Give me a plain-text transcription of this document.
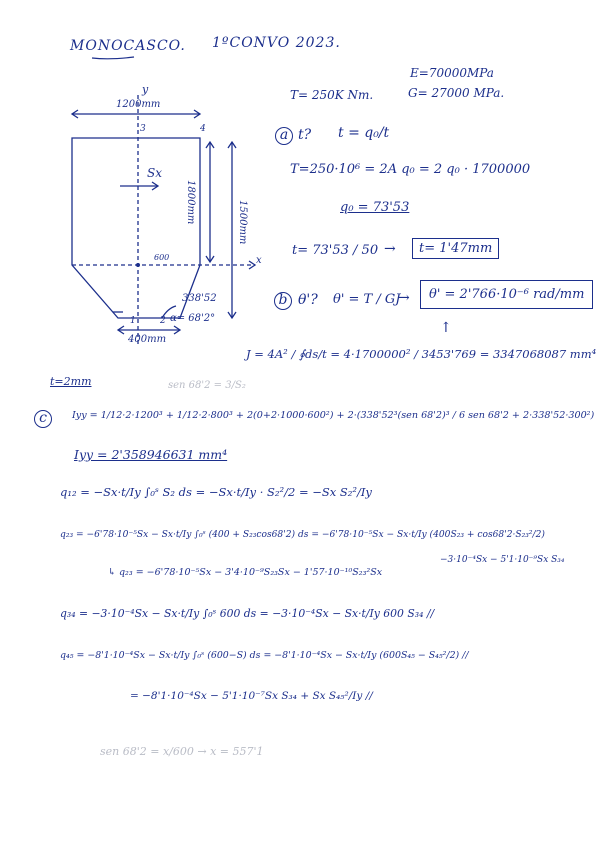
MONOCASCO. 1ºCONVO 2023.
T= 250K Nm.
E=70000MPa
G= 27000 MPa.
1200mm
y
x
1800mm	1500mm
Sx
1	2
3	4
600
338'52
α= 68'2°
400mm
t=2mm
a t? t = q₀/t
T=250·10⁶ = 2A q₀ = 2 q₀ · 1700000
q₀ = 73'53
t= 73'53 / 50 →	t= 1'47mm
b θ'? θ' = T / GJ
→	θ' = 2'766·10⁻⁶ rad/mm
↑
J = 4A² / ∮ds/t = 4·1700000² / 3453'769 = 3347068087 mm⁴
sen 68'2 = 3/S₂
c	Iyy = 1/12·2·1200³ + 1/12·2·800³ + 2(0+2·1000·600²) + 2·(338'52³(sen 68'2)³ / 6 sen 68'2 + 2·338'52·300²)
Iyy = 2'358946631 mm⁴
q₁₂ = −Sx·t/Iy ∫₀ˢ S₂ ds = −Sx·t/Iy · S₂²/2 = −Sx S₂²/Iy
q₂₃ = −6'78·10⁻⁵Sx − Sx·t/Iy ∫₀ˢ (400 + S₂₃cos68'2) ds = −6'78·10⁻⁵Sx − Sx·t/Iy (400S₂₃ + cos68'2·S₂₃²/2)
↳ q₂₃ = −6'78·10⁻⁵Sx − 3'4·10⁻⁹S₂₃Sx − 1'57·10⁻¹⁰S₂₃²Sx
−3·10⁻⁴Sx − 5'1·10⁻⁹Sx S₃₄
q₃₄ = −3·10⁻⁴Sx − Sx·t/Iy ∫₀ˢ 600 ds = −3·10⁻⁴Sx − Sx·t/Iy 600 S₃₄ //
q₄₅ = −8'1·10⁻⁴Sx − Sx·t/Iy ∫₀ˢ (600−S) ds = −8'1·10⁻⁴Sx − Sx·t/Iy (600S₄₅ − S₄₅²/2) //
= −8'1·10⁻⁴Sx − 5'1·10⁻⁷Sx S₃₄ + Sx S₄₅²/Iy //
sen 68'2 = x/600 → x = 557'1
